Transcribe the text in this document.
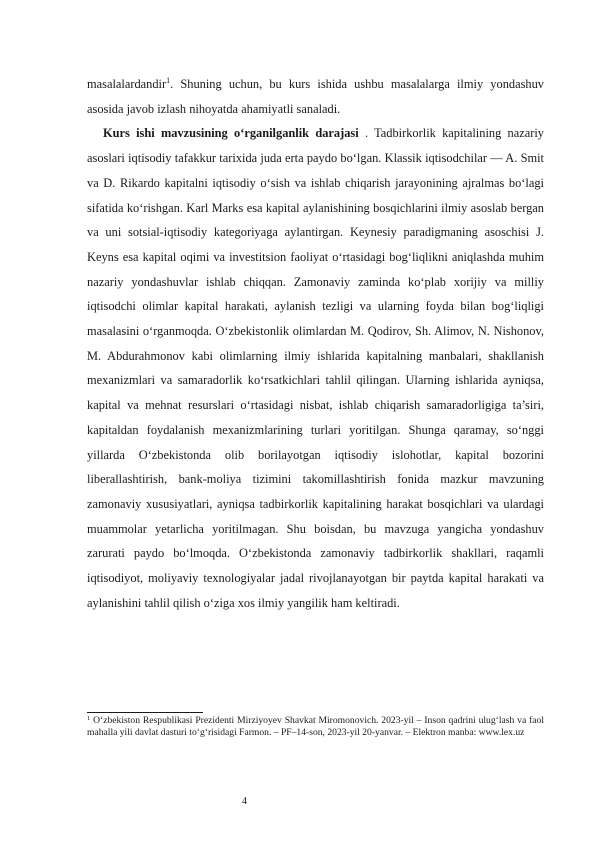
masalalardandir$^1$. Shuning uchun, bu kurs ishida ushbu masalalarga ilmiy yondashuv asosida javob izlash nihoyatda ahamiyatli sanaladi.

Kurs ishi mavzusining o‘rganilganlik darajasi . Tadbirkorlik kapitalining nazariy asoslari iqtisodiy tafakkur tarixida juda erta paydo bo‘lgan. Klassik iqtisodchilar — A. Smit va D. Rikardo kapitalni iqtisodiy o‘sish va ishlab chiqarish jarayonining ajralmas bo‘lagi sifatida ko‘rishgan. Karl Marks esa kapital aylanishining bosqichlarini ilmiy asoslab bergan va uni sotsial-iqtisodiy kategoriyaga aylantirgan. Keynesiy paradigmaning asoschisi J. Keyns esa kapital oqimi va investitsion faoliyat o‘rtasidagi bog‘liqlikni aniqlashda muhim nazariy yondashuvlar ishlab chiqqan. Zamonaviy zaminda ko‘plab xorijiy va milliy iqtisodchi olimlar kapital harakati, aylanish tezligi va ularning foyda bilan bog‘liqligi masalasini o‘rganmoqda. O‘zbekistonlik olimlardan M. Qodirov, Sh. Alimov, N. Nishonov, M. Abdurahmonov kabi olimlarning ilmiy ishlarida kapitalning manbalari, shakllanish mexanizmlari va samaradorlik ko‘rsatkichlari tahlil qilingan. Ularning ishlarida ayniqsa, kapital va mehnat resurslari o‘rtasidagi nisbat, ishlab chiqarish samaradorligiga ta’siri, kapitaldan foydalanish mexanizmlarining turlari yoritilgan. Shunga qaramay, so‘nggi yillarda O‘zbekistonda olib borilayotgan iqtisodiy islohotlar, kapital bozorini liberallashtirish, bank-moliya tizimini takomillashtirish fonida mazkur mavzuning zamonaviy xususiyatlari, ayniqsa tadbirkorlik kapitalining harakat bosqichlari va ulardagi muammolar yetarlicha yoritilmagan. Shu boisdan, bu mavzuga yangicha yondashuv zarurati paydo bo‘lmoqda. O‘zbekistonda zamonaviy tadbirkorlik shakllari, raqamli iqtisodiyot, moliyaviy texnologiyalar jadal rivojlanayotgan bir paytda kapital harakati va aylanishini tahlil qilish o‘ziga xos ilmiy yangilik ham keltiradi.

$^1$ O‘zbekiston Respublikasi Prezidenti Mirziyoyev Shavkat Miromonovich. 2023-yil – Inson qadrini ulug‘lash va faol mahalla yili davlat dasturi to‘g‘risidagi Farmon. – PF–14-son, 2023-yil 20-yanvar. – Elektron manba: www.lex.uz
4
